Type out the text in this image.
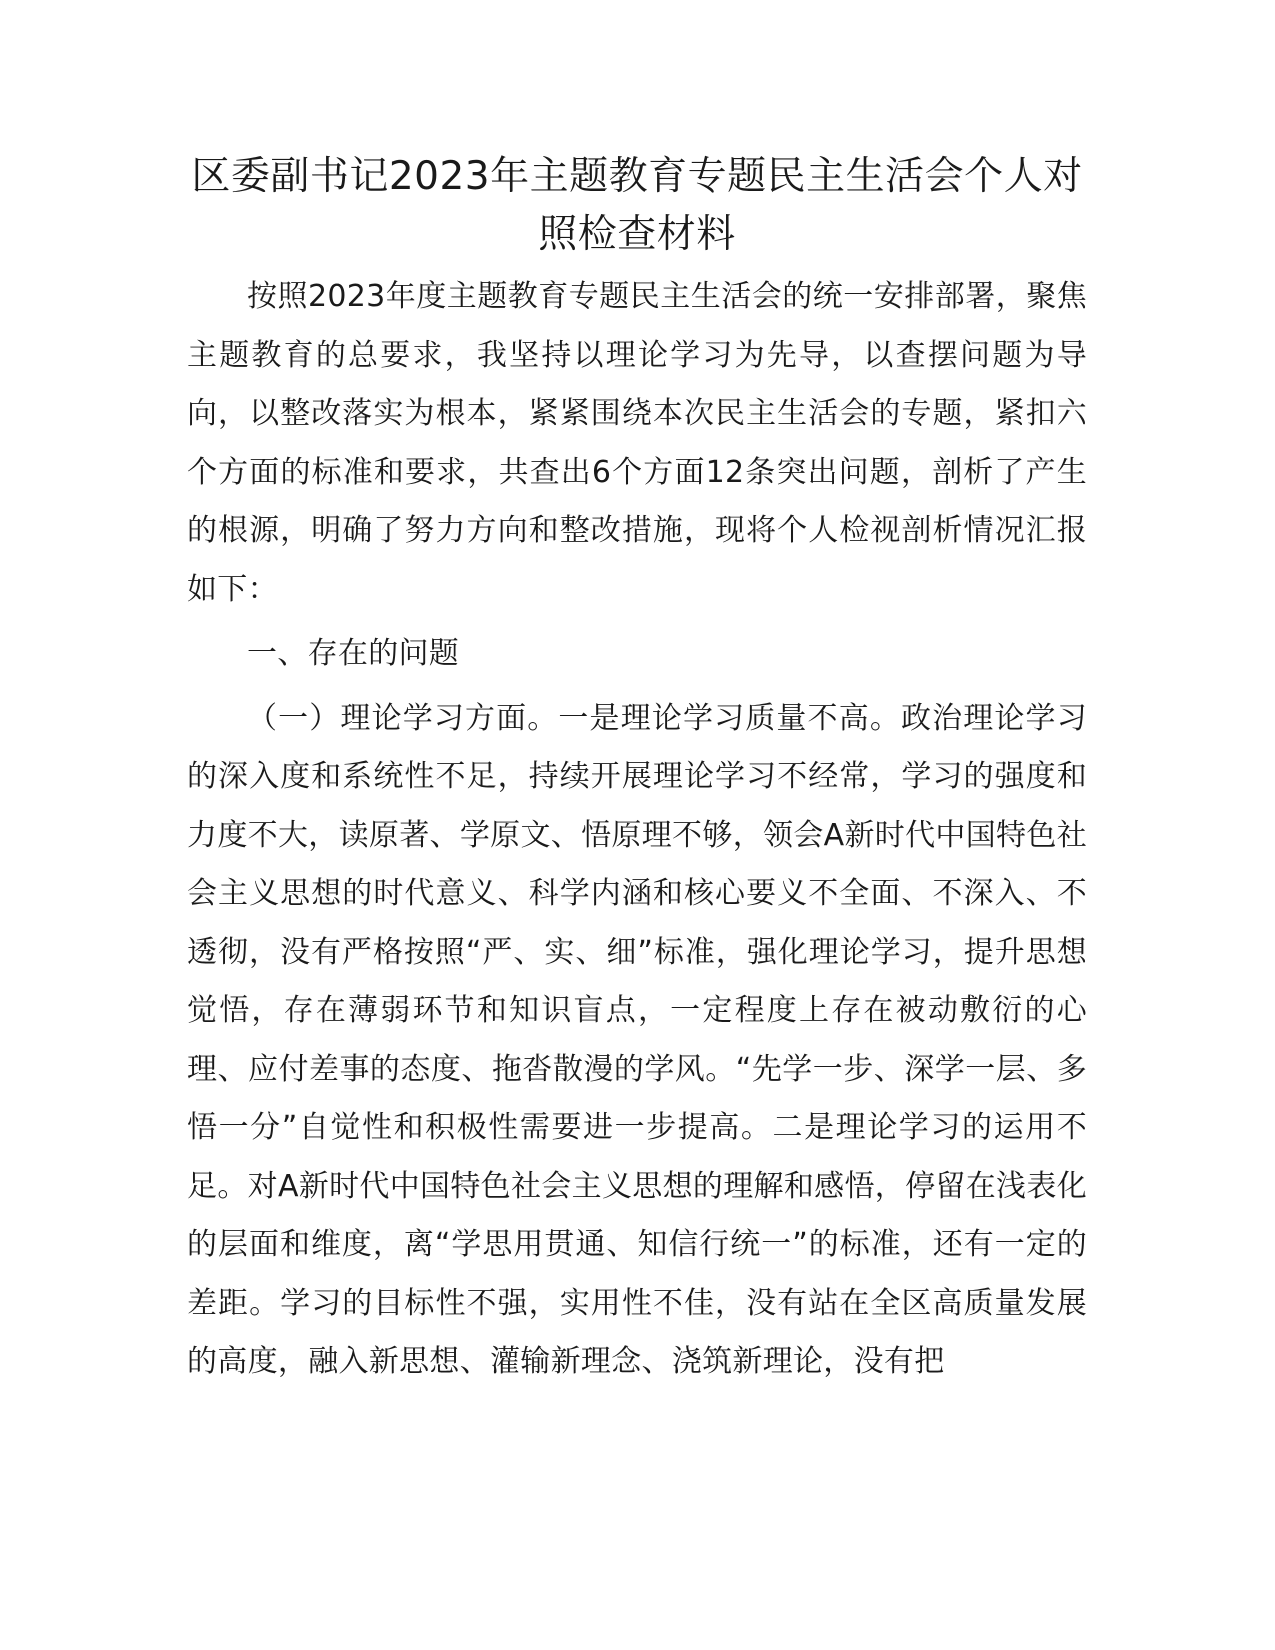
区委副书记2023年主题教育专题民主生活会个人对照检查材料

按照2023年度主题教育专题民主生活会的统一安排部署，聚焦主题教育的总要求，我坚持以理论学习为先导，以查摆问题为导向，以整改落实为根本，紧紧围绕本次民主生活会的专题，紧扣六个方面的标准和要求，共查出6个方面12条突出问题，剖析了产生的根源，明确了努力方向和整改措施，现将个人检视剖析情况汇报如下：

一、存在的问题

（一）理论学习方面。一是理论学习质量不高。政治理论学习的深入度和系统性不足，持续开展理论学习不经常，学习的强度和力度不大，读原著、学原文、悟原理不够，领会A新时代中国特色社会主义思想的时代意义、科学内涵和核心要义不全面、不深入、不透彻，没有严格按照“严、实、细”标准，强化理论学习，提升思想觉悟，存在薄弱环节和知识盲点，一定程度上存在被动敷衍的心理、应付差事的态度、拖沓散漫的学风。“先学一步、深学一层、多悟一分”自觉性和积极性需要进一步提高。二是理论学习的运用不足。对A新时代中国特色社会主义思想的理解和感悟，停留在浅表化的层面和维度，离“学思用贯通、知信行统一”的标准，还有一定的差距。学习的目标性不强，实用性不佳，没有站在全区高质量发展的高度，融入新思想、灌输新理念、浇筑新理论，没有把
